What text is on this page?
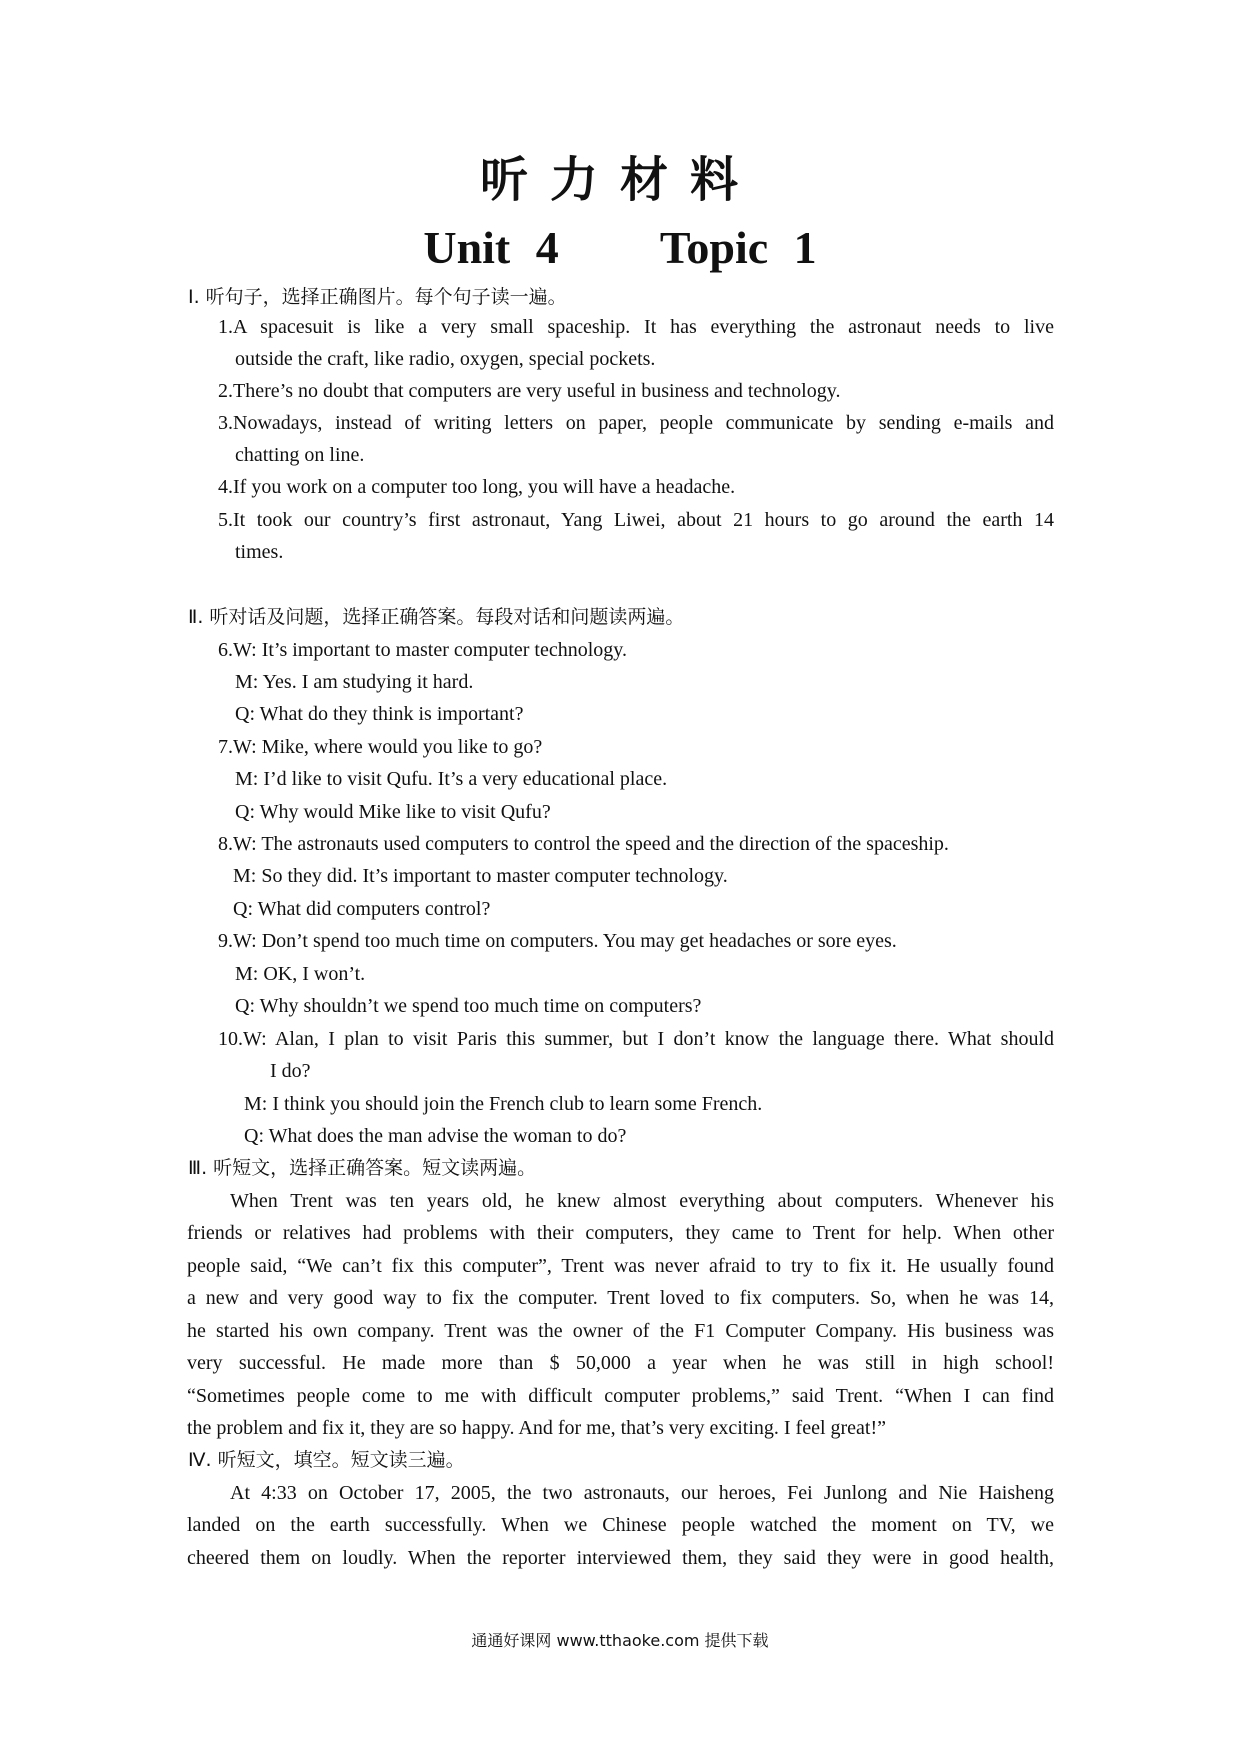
听力材料
Unit 4    Topic 1
Ⅰ. 听句子，选择正确图片。每个句子读一遍。
1.A spacesuit is like a very small spaceship. It has everything the astronaut needs to live
outside the craft, like radio, oxygen, special pockets.
2.There’s no doubt that computers are very useful in business and technology.
3.Nowadays, instead of writing letters on paper, people communicate by sending e-mails and
chatting on line.
4.If you work on a computer too long, you will have a headache.
5.It took our country’s first astronaut, Yang Liwei, about 21 hours to go around the earth 14
times.
Ⅱ. 听对话及问题，选择正确答案。每段对话和问题读两遍。
6.W: It’s important to master computer technology.
M: Yes. I am studying it hard.
Q: What do they think is important?
7.W: Mike, where would you like to go?
M: I’d like to visit Qufu. It’s a very educational place.
Q: Why would Mike like to visit Qufu?
8.W: The astronauts used computers to control the speed and the direction of the spaceship.
M: So they did. It’s important to master computer technology.
Q: What did computers control?
9.W: Don’t spend too much time on computers. You may get headaches or sore eyes.
M: OK, I won’t.
Q: Why shouldn’t we spend too much time on computers?
10.W: Alan, I plan to visit Paris this summer, but I don’t know the language there. What should
I do?
M: I think you should join the French club to learn some French.
Q: What does the man advise the woman to do?
Ⅲ. 听短文，选择正确答案。短文读两遍。
When Trent was ten years old, he knew almost everything about computers. Whenever his
friends or relatives had problems with their computers, they came to Trent for help. When other
people said, “We can’t fix this computer”, Trent was never afraid to try to fix it. He usually found
a new and very good way to fix the computer. Trent loved to fix computers. So, when he was 14,
he started his own company. Trent was the owner of the F1 Computer Company. His business was
very successful. He made more than $ 50,000 a year when he was still in high school!
“Sometimes people come to me with difficult computer problems,” said Trent. “When I can find
the problem and fix it, they are so happy. And for me, that’s very exciting. I feel great!”
Ⅳ. 听短文，填空。短文读三遍。
At 4:33 on October 17, 2005, the two astronauts, our heroes, Fei Junlong and Nie Haisheng
landed on the earth successfully. When we Chinese people watched the moment on TV, we
cheered them on loudly. When the reporter interviewed them, they said they were in good health,
通通好课网 www.tthaoke.com 提供下载
